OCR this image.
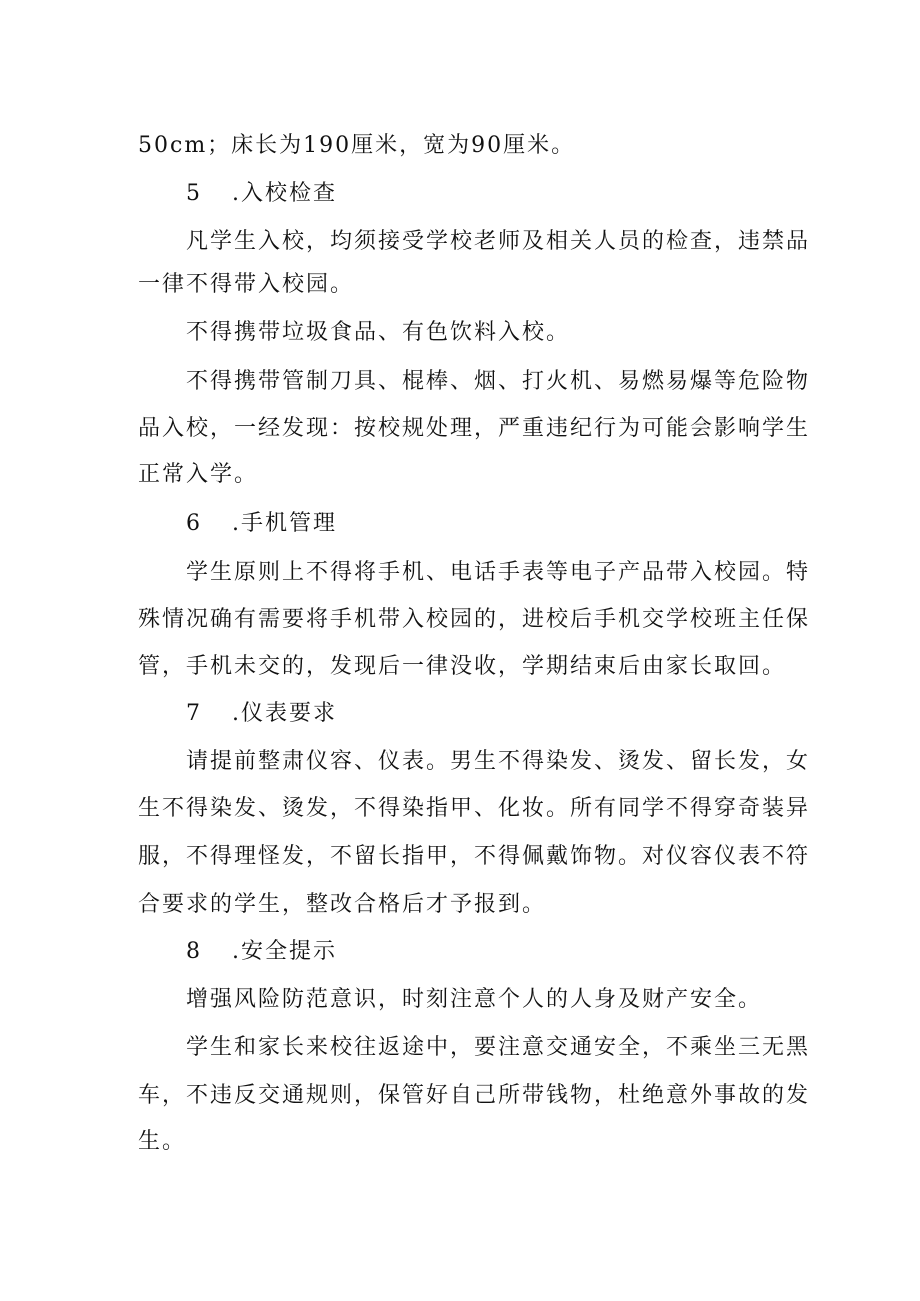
50cm；床长为190厘米，宽为90厘米。
5 .入校检查
凡学生入校，均须接受学校老师及相关人员的检查，违禁品
一律不得带入校园。
不得携带垃圾食品、有色饮料入校。
不得携带管制刀具、棍棒、烟、打火机、易燃易爆等危险物
品入校，一经发现：按校规处理，严重违纪行为可能会影响学生
正常入学。
6 .手机管理
学生原则上不得将手机、电话手表等电子产品带入校园。特
殊情况确有需要将手机带入校园的，进校后手机交学校班主任保
管，手机未交的，发现后一律没收，学期结束后由家长取回。
7 .仪表要求
请提前整肃仪容、仪表。男生不得染发、烫发、留长发，女
生不得染发、烫发，不得染指甲、化妆。所有同学不得穿奇装异
服，不得理怪发，不留长指甲，不得佩戴饰物。对仪容仪表不符
合要求的学生，整改合格后才予报到。
8 .安全提示
增强风险防范意识，时刻注意个人的人身及财产安全。
学生和家长来校往返途中，要注意交通安全，不乘坐三无黑
车，不违反交通规则，保管好自己所带钱物，杜绝意外事故的发
生。
